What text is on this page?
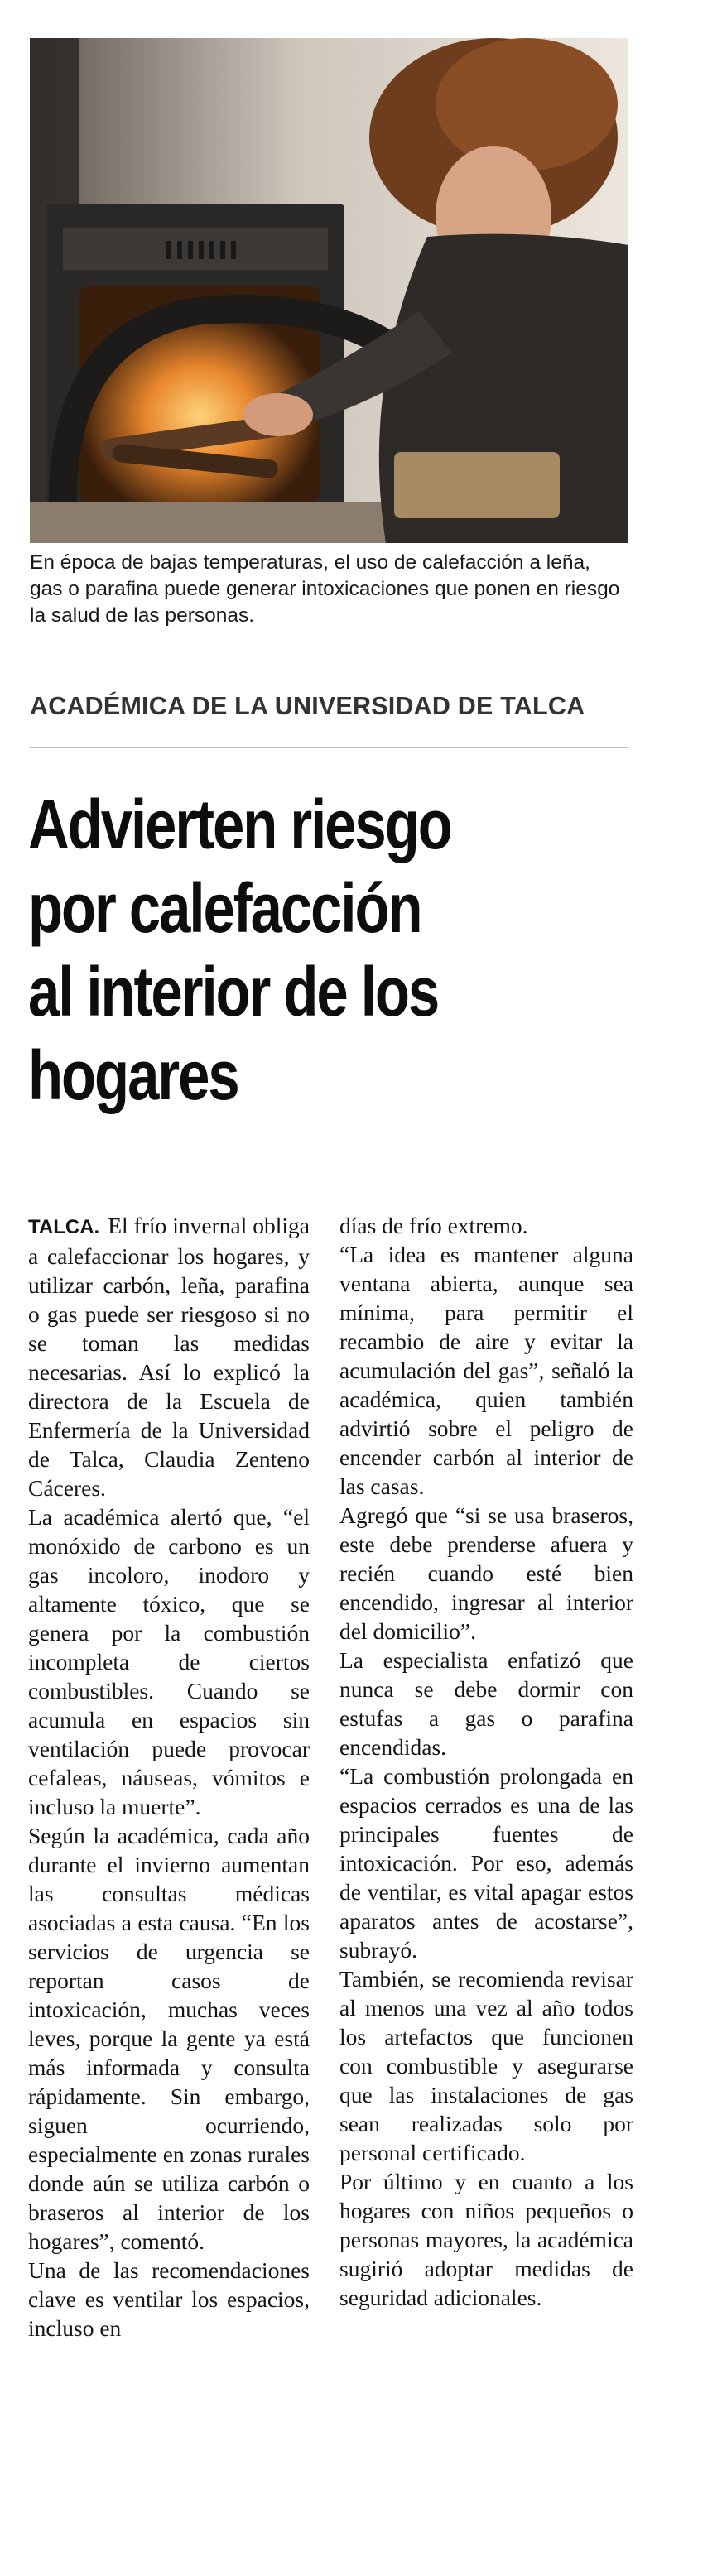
En época de bajas temperaturas, el uso de calefacción a leña, gas o parafina puede generar intoxicaciones que ponen en riesgo la salud de las personas.
ACADÉMICA DE LA UNIVERSIDAD DE TALCA
Advierten riesgo
por calefacción
al interior de los
hogares

TALCA. El frío invernal obliga a calefaccionar los hogares, y utilizar carbón, leña, parafina o gas puede ser riesgoso si no se toman las medidas necesarias. Así lo explicó la directora de la Escuela de Enfermería de la Universidad de Talca, Claudia Zenteno Cáceres.

La académica alertó que, “el monóxido de carbono es un gas incoloro, inodoro y altamente tóxico, que se genera por la combustión incompleta de ciertos combustibles. Cuando se acumula en espacios sin ventilación puede provocar cefaleas, náuseas, vómitos e incluso la muerte”.

Según la académica, cada año durante el invierno aumentan las consultas médicas asociadas a esta causa. “En los servicios de urgencia se reportan casos de intoxicación, muchas veces leves, porque la gente ya está más informada y consulta rápidamente. Sin embargo, siguen ocurriendo, especialmente en zonas rurales donde aún se utiliza carbón o braseros al interior de los hogares”, comentó.

Una de las recomendaciones clave es ventilar los espacios, incluso en

días de frío extremo.

“La idea es mantener alguna ventana abierta, aunque sea mínima, para permitir el recambio de aire y evitar la acumulación del gas”, señaló la académica, quien también advirtió sobre el peligro de encender carbón al interior de las casas.

Agregó que “si se usa braseros, este debe prenderse afuera y recién cuando esté bien encendido, ingresar al interior del domicilio”.

La especialista enfatizó que nunca se debe dormir con estufas a gas o parafina encendidas.

“La combustión prolongada en espacios cerrados es una de las principales fuentes de intoxicación. Por eso, además de ventilar, es vital apagar estos aparatos antes de acostarse”, subrayó.

También, se recomienda revisar al menos una vez al año todos los artefactos que funcionen con combustible y asegurarse que las instalaciones de gas sean realizadas solo por personal certificado.

Por último y en cuanto a los hogares con niños pequeños o personas mayores, la académica sugirió adoptar medidas de seguridad adicionales.
